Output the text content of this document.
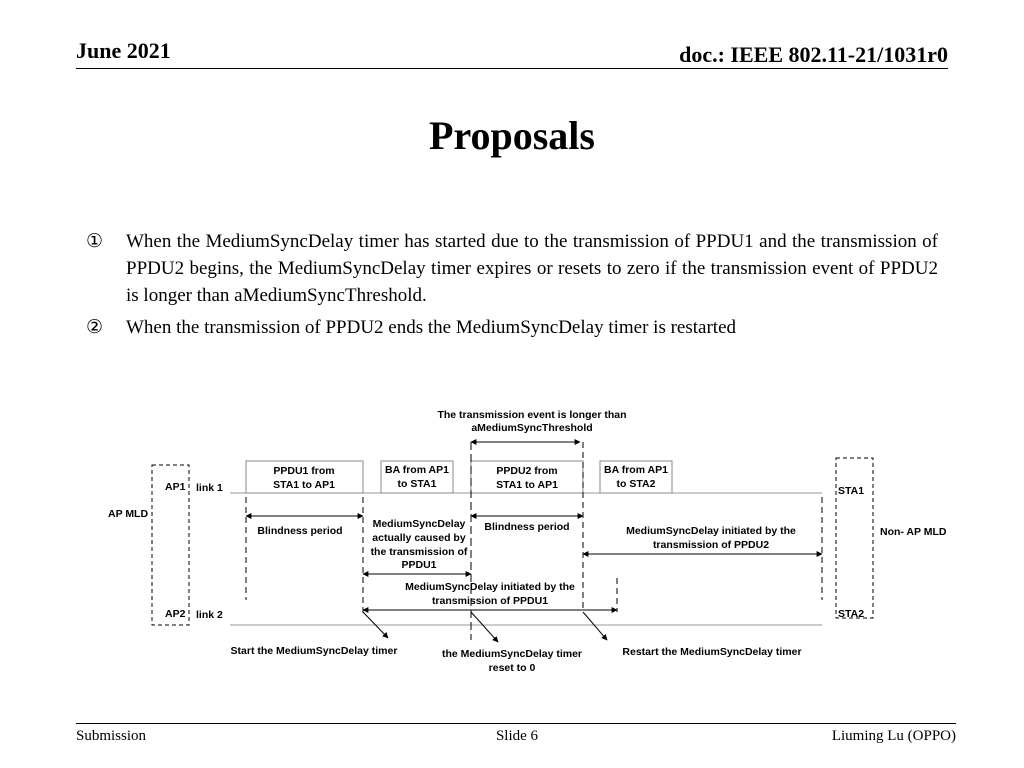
June 2021	doc.: IEEE 802.11-21/1031r0
Proposals
①	When the MediumSyncDelay timer has started due to the transmission of PPDU1 and the transmission of PPDU2 begins, the MediumSyncDelay timer expires or resets to zero if the transmission event of PPDU2 is longer than aMediumSyncThreshold.
②	When the transmission of PPDU2 ends the MediumSyncDelay timer is restarted
The transmission event is longer than
aMediumSyncThreshold
AP MLD
AP1
AP2
link 1
link 2
STA1
STA2
Non- AP MLD
PPDU1 from
STA1 to AP1
BA from AP1
to STA1
PPDU2 from
STA1 to AP1
BA from AP1
to STA2
Blindness period	Blindness period
MediumSyncDelay
actually caused by
the transmission of
PPDU1
MediumSyncDelay initiated by the
transmission of PPDU2
MediumSyncDelay initiated by the
transmission of PPDU1
Start the MediumSyncDelay timer	the MediumSyncDelay timer
reset to 0
Restart the MediumSyncDelay timer
Submission	Slide 6	Liuming Lu (OPPO)
